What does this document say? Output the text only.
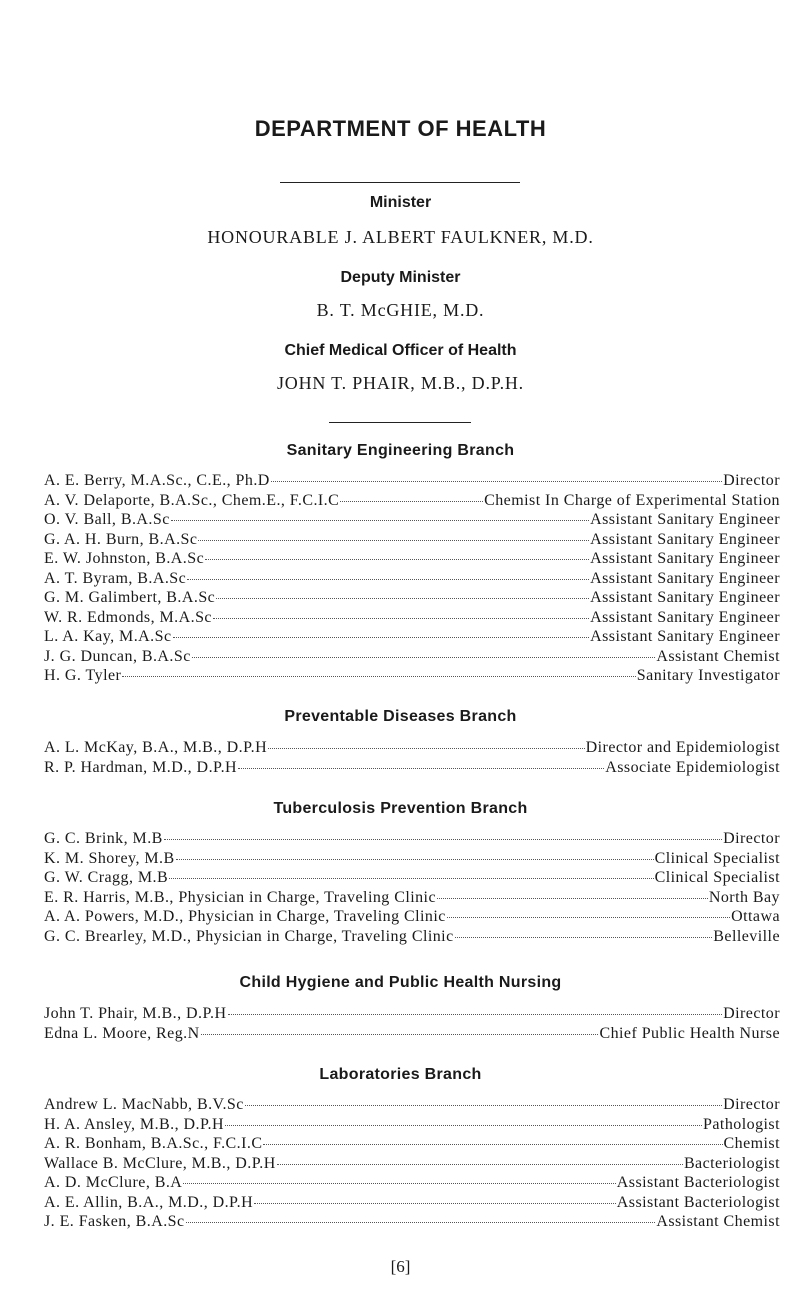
DEPARTMENT OF HEALTH
Minister
HONOURABLE J. ALBERT FAULKNER, M.D.
Deputy Minister
B. T. McGHIE, M.D.
Chief Medical Officer of Health
JOHN T. PHAIR, M.B., D.P.H.
Sanitary Engineering Branch
A. E. Berry, M.A.Sc., C.E., Ph.D	Director
A. V. Delaporte, B.A.Sc., Chem.E., F.C.I.C	Chemist In Charge of Experimental Station
O. V. Ball, B.A.Sc	Assistant Sanitary Engineer
G. A. H. Burn, B.A.Sc	Assistant Sanitary Engineer
E. W. Johnston, B.A.Sc	Assistant Sanitary Engineer
A. T. Byram, B.A.Sc	Assistant Sanitary Engineer
G. M. Galimbert, B.A.Sc	Assistant Sanitary Engineer
W. R. Edmonds, M.A.Sc	Assistant Sanitary Engineer
L. A. Kay, M.A.Sc	Assistant Sanitary Engineer
J. G. Duncan, B.A.Sc	Assistant Chemist
H. G. Tyler	Sanitary Investigator
Preventable Diseases Branch
A. L. McKay, B.A., M.B., D.P.H	Director and Epidemiologist
R. P. Hardman, M.D., D.P.H	Associate Epidemiologist
Tuberculosis Prevention Branch
G. C. Brink, M.B	Director
K. M. Shorey, M.B	Clinical Specialist
G. W. Cragg, M.B	Clinical Specialist
E. R. Harris, M.B., Physician in Charge, Traveling Clinic	North Bay
A. A. Powers, M.D., Physician in Charge, Traveling Clinic	Ottawa
G. C. Brearley, M.D., Physician in Charge, Traveling Clinic	Belleville
Child Hygiene and Public Health Nursing
John T. Phair, M.B., D.P.H	Director
Edna L. Moore, Reg.N	Chief Public Health Nurse
Laboratories Branch
Andrew L. MacNabb, B.V.Sc	Director
H. A. Ansley, M.B., D.P.H	Pathologist
A. R. Bonham, B.A.Sc., F.C.I.C	Chemist
Wallace B. McClure, M.B., D.P.H	Bacteriologist
A. D. McClure, B.A	Assistant Bacteriologist
A. E. Allin, B.A., M.D., D.P.H	Assistant Bacteriologist
J. E. Fasken, B.A.Sc	Assistant Chemist
[6]
